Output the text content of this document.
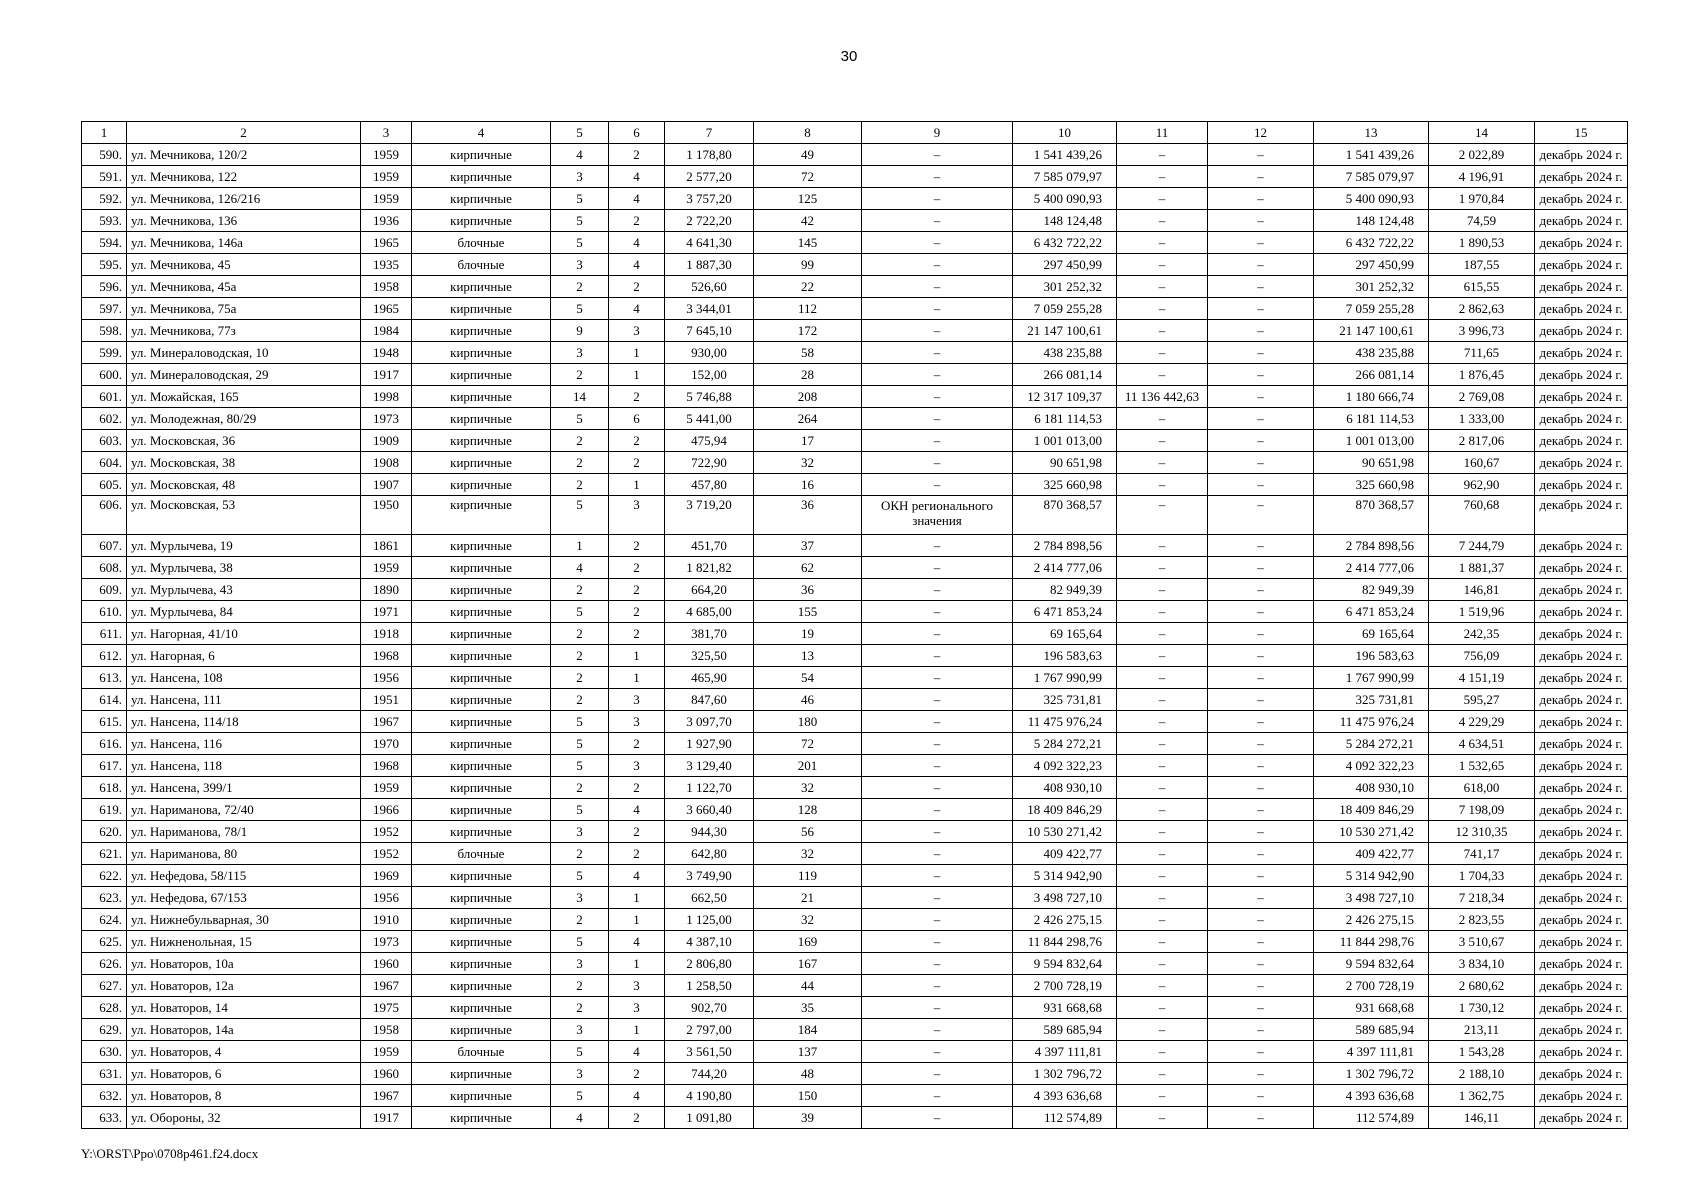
30
1	2	3	4	5	6	7	8	9	10	11	12	13	14	15
590.	ул. Мечникова, 120/2	1959	кирпичные	4	2	1 178,80	49	–	1 541 439,26	–	–	1 541 439,26	2 022,89	декабрь 2024 г.
591.	ул. Мечникова, 122	1959	кирпичные	3	4	2 577,20	72	–	7 585 079,97	–	–	7 585 079,97	4 196,91	декабрь 2024 г.
592.	ул. Мечникова, 126/216	1959	кирпичные	5	4	3 757,20	125	–	5 400 090,93	–	–	5 400 090,93	1 970,84	декабрь 2024 г.
593.	ул. Мечникова, 136	1936	кирпичные	5	2	2 722,20	42	–	148 124,48	–	–	148 124,48	74,59	декабрь 2024 г.
594.	ул. Мечникова, 146а	1965	блочные	5	4	4 641,30	145	–	6 432 722,22	–	–	6 432 722,22	1 890,53	декабрь 2024 г.
595.	ул. Мечникова, 45	1935	блочные	3	4	1 887,30	99	–	297 450,99	–	–	297 450,99	187,55	декабрь 2024 г.
596.	ул. Мечникова, 45а	1958	кирпичные	2	2	526,60	22	–	301 252,32	–	–	301 252,32	615,55	декабрь 2024 г.
597.	ул. Мечникова, 75а	1965	кирпичные	5	4	3 344,01	112	–	7 059 255,28	–	–	7 059 255,28	2 862,63	декабрь 2024 г.
598.	ул. Мечникова, 77з	1984	кирпичные	9	3	7 645,10	172	–	21 147 100,61	–	–	21 147 100,61	3 996,73	декабрь 2024 г.
599.	ул. Минераловодская, 10	1948	кирпичные	3	1	930,00	58	–	438 235,88	–	–	438 235,88	711,65	декабрь 2024 г.
600.	ул. Минераловодская, 29	1917	кирпичные	2	1	152,00	28	–	266 081,14	–	–	266 081,14	1 876,45	декабрь 2024 г.
601.	ул. Можайская, 165	1998	кирпичные	14	2	5 746,88	208	–	12 317 109,37	11 136 442,63	–	1 180 666,74	2 769,08	декабрь 2024 г.
602.	ул. Молодежная, 80/29	1973	кирпичные	5	6	5 441,00	264	–	6 181 114,53	–	–	6 181 114,53	1 333,00	декабрь 2024 г.
603.	ул. Московская, 36	1909	кирпичные	2	2	475,94	17	–	1 001 013,00	–	–	1 001 013,00	2 817,06	декабрь 2024 г.
604.	ул. Московская, 38	1908	кирпичные	2	2	722,90	32	–	90 651,98	–	–	90 651,98	160,67	декабрь 2024 г.
605.	ул. Московская, 48	1907	кирпичные	2	1	457,80	16	–	325 660,98	–	–	325 660,98	962,90	декабрь 2024 г.
606.	ул. Московская, 53	1950	кирпичные	5	3	3 719,20	36	ОКН регионального значения	870 368,57	–	–	870 368,57	760,68	декабрь 2024 г.
607.	ул. Мурлычева, 19	1861	кирпичные	1	2	451,70	37	–	2 784 898,56	–	–	2 784 898,56	7 244,79	декабрь 2024 г.
608.	ул. Мурлычева, 38	1959	кирпичные	4	2	1 821,82	62	–	2 414 777,06	–	–	2 414 777,06	1 881,37	декабрь 2024 г.
609.	ул. Мурлычева, 43	1890	кирпичные	2	2	664,20	36	–	82 949,39	–	–	82 949,39	146,81	декабрь 2024 г.
610.	ул. Мурлычева, 84	1971	кирпичные	5	2	4 685,00	155	–	6 471 853,24	–	–	6 471 853,24	1 519,96	декабрь 2024 г.
611.	ул. Нагорная, 41/10	1918	кирпичные	2	2	381,70	19	–	69 165,64	–	–	69 165,64	242,35	декабрь 2024 г.
612.	ул. Нагорная, 6	1968	кирпичные	2	1	325,50	13	–	196 583,63	–	–	196 583,63	756,09	декабрь 2024 г.
613.	ул. Нансена, 108	1956	кирпичные	2	1	465,90	54	–	1 767 990,99	–	–	1 767 990,99	4 151,19	декабрь 2024 г.
614.	ул. Нансена, 111	1951	кирпичные	2	3	847,60	46	–	325 731,81	–	–	325 731,81	595,27	декабрь 2024 г.
615.	ул. Нансена, 114/18	1967	кирпичные	5	3	3 097,70	180	–	11 475 976,24	–	–	11 475 976,24	4 229,29	декабрь 2024 г.
616.	ул. Нансена, 116	1970	кирпичные	5	2	1 927,90	72	–	5 284 272,21	–	–	5 284 272,21	4 634,51	декабрь 2024 г.
617.	ул. Нансена, 118	1968	кирпичные	5	3	3 129,40	201	–	4 092 322,23	–	–	4 092 322,23	1 532,65	декабрь 2024 г.
618.	ул. Нансена, 399/1	1959	кирпичные	2	2	1 122,70	32	–	408 930,10	–	–	408 930,10	618,00	декабрь 2024 г.
619.	ул. Нариманова, 72/40	1966	кирпичные	5	4	3 660,40	128	–	18 409 846,29	–	–	18 409 846,29	7 198,09	декабрь 2024 г.
620.	ул. Нариманова, 78/1	1952	кирпичные	3	2	944,30	56	–	10 530 271,42	–	–	10 530 271,42	12 310,35	декабрь 2024 г.
621.	ул. Нариманова, 80	1952	блочные	2	2	642,80	32	–	409 422,77	–	–	409 422,77	741,17	декабрь 2024 г.
622.	ул. Нефедова, 58/115	1969	кирпичные	5	4	3 749,90	119	–	5 314 942,90	–	–	5 314 942,90	1 704,33	декабрь 2024 г.
623.	ул. Нефедова, 67/153	1956	кирпичные	3	1	662,50	21	–	3 498 727,10	–	–	3 498 727,10	7 218,34	декабрь 2024 г.
624.	ул. Нижнебульварная, 30	1910	кирпичные	2	1	1 125,00	32	–	2 426 275,15	–	–	2 426 275,15	2 823,55	декабрь 2024 г.
625.	ул. Нижненольная, 15	1973	кирпичные	5	4	4 387,10	169	–	11 844 298,76	–	–	11 844 298,76	3 510,67	декабрь 2024 г.
626.	ул. Новаторов, 10а	1960	кирпичные	3	1	2 806,80	167	–	9 594 832,64	–	–	9 594 832,64	3 834,10	декабрь 2024 г.
627.	ул. Новаторов, 12а	1967	кирпичные	2	3	1 258,50	44	–	2 700 728,19	–	–	2 700 728,19	2 680,62	декабрь 2024 г.
628.	ул. Новаторов, 14	1975	кирпичные	2	3	902,70	35	–	931 668,68	–	–	931 668,68	1 730,12	декабрь 2024 г.
629.	ул. Новаторов, 14а	1958	кирпичные	3	1	2 797,00	184	–	589 685,94	–	–	589 685,94	213,11	декабрь 2024 г.
630.	ул. Новаторов, 4	1959	блочные	5	4	3 561,50	137	–	4 397 111,81	–	–	4 397 111,81	1 543,28	декабрь 2024 г.
631.	ул. Новаторов, 6	1960	кирпичные	3	2	744,20	48	–	1 302 796,72	–	–	1 302 796,72	2 188,10	декабрь 2024 г.
632.	ул. Новаторов, 8	1967	кирпичные	5	4	4 190,80	150	–	4 393 636,68	–	–	4 393 636,68	1 362,75	декабрь 2024 г.
633.	ул. Обороны, 32	1917	кирпичные	4	2	1 091,80	39	–	112 574,89	–	–	112 574,89	146,11	декабрь 2024 г.
Y:\ORST\Ppo\0708p461.f24.docx
